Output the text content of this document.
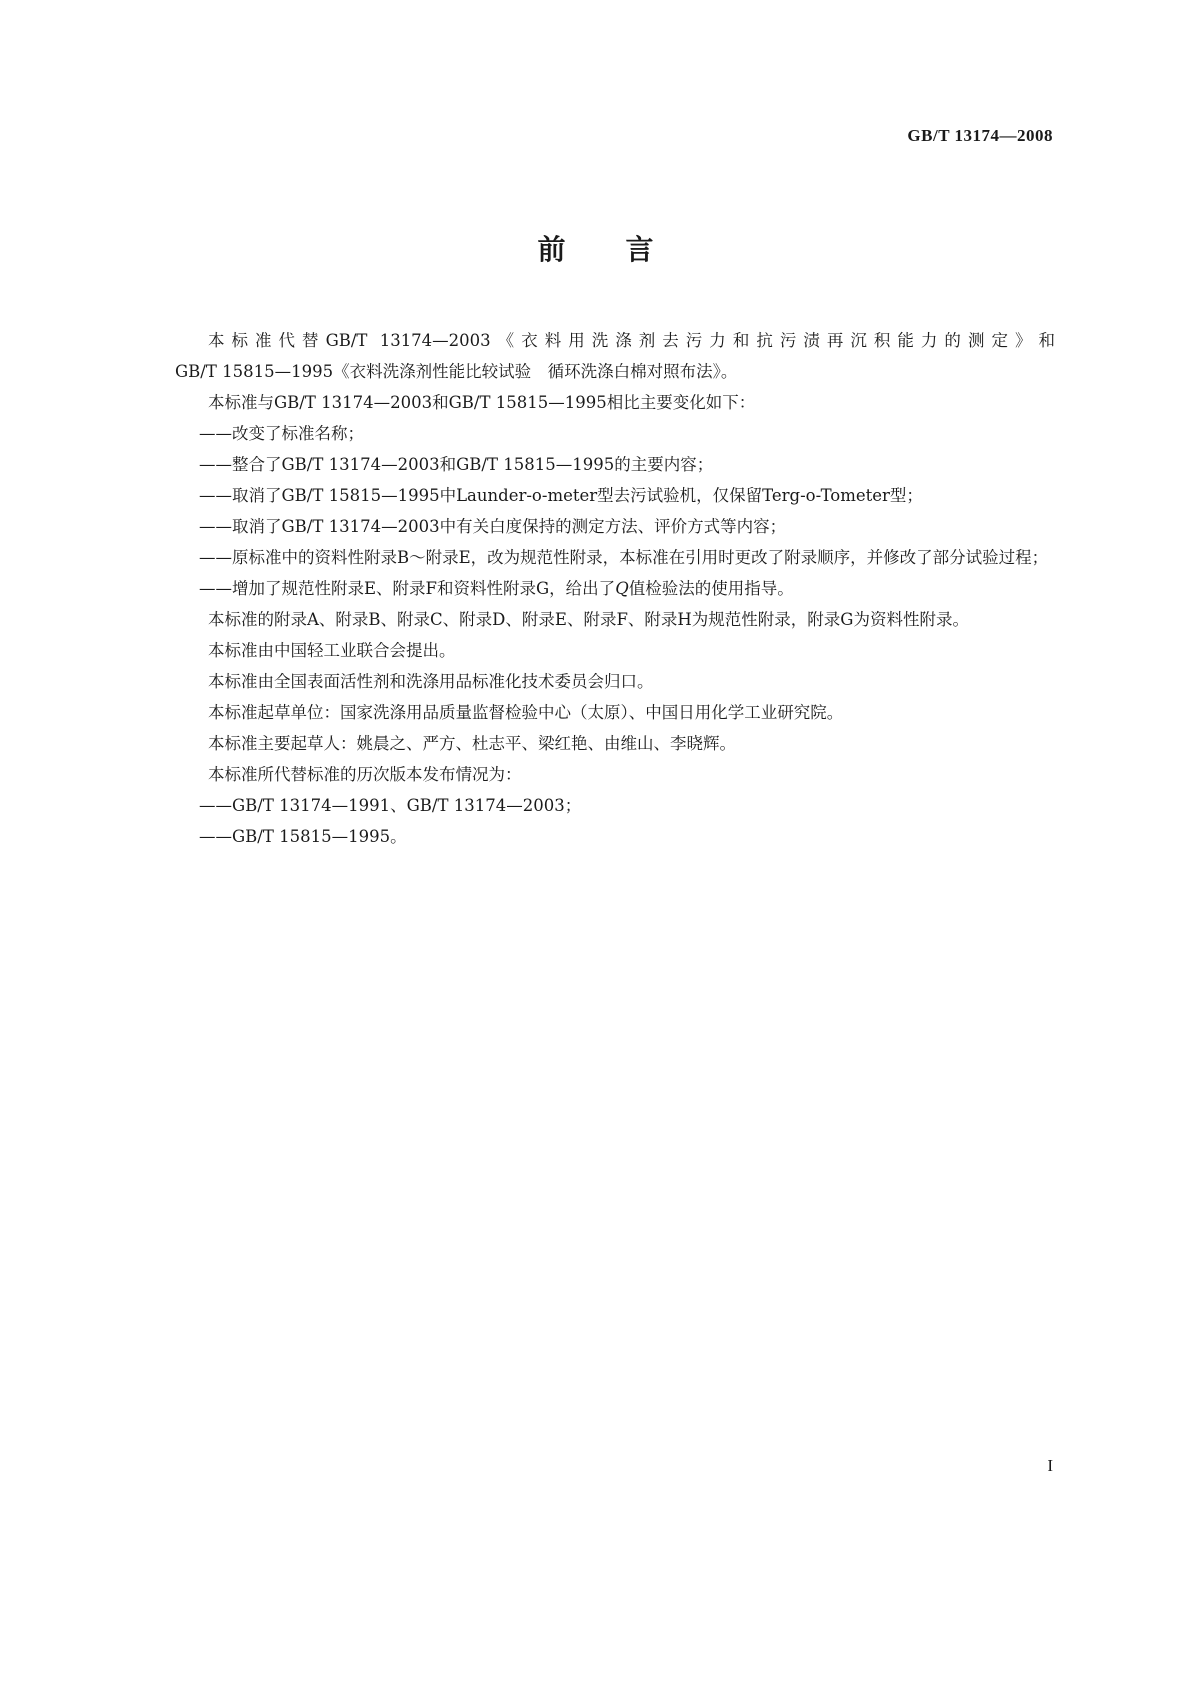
GB/T 13174—2008
前 言

本标准代替GB/T 13174—2003《衣料用洗涤剂去污力和抗污渍再沉积能力的测定》和

GB/T 15815—1995《衣料洗涤剂性能比较试验　循环洗涤白棉对照布法》。

本标准与GB/T 13174—2003和GB/T 15815—1995相比主要变化如下：

——改变了标准名称；

——整合了GB/T 13174—2003和GB/T 15815—1995的主要内容；

——取消了GB/T 15815—1995中Launder-o-meter型去污试验机，仅保留Terg-o-Tometer型；

——取消了GB/T 13174—2003中有关白度保持的测定方法、评价方式等内容；

——原标准中的资料性附录B～附录E，改为规范性附录，本标准在引用时更改了附录顺序，并修改了部分试验过程；

——增加了规范性附录E、附录F和资料性附录G，给出了Q值检验法的使用指导。

本标准的附录A、附录B、附录C、附录D、附录E、附录F、附录H为规范性附录，附录G为资料性附录。

本标准由中国轻工业联合会提出。

本标准由全国表面活性剂和洗涤用品标准化技术委员会归口。

本标准起草单位：国家洗涤用品质量监督检验中心（太原）、中国日用化学工业研究院。

本标准主要起草人：姚晨之、严方、杜志平、梁红艳、由维山、李晓辉。

本标准所代替标准的历次版本发布情况为：

——GB/T 13174—1991、GB/T 13174—2003；

——GB/T 15815—1995。

I
